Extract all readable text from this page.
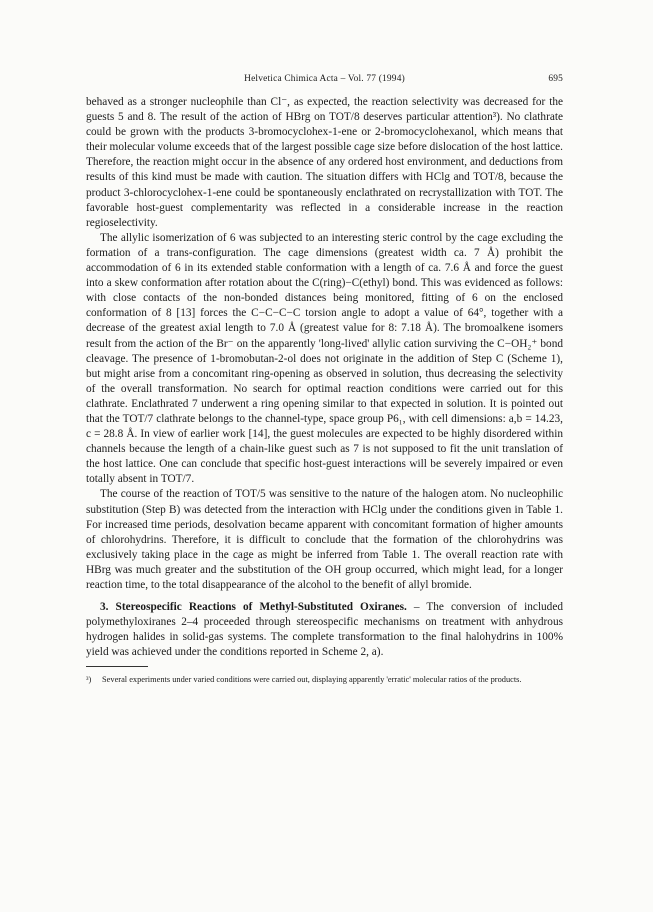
Helvetica Chimica Acta – Vol. 77 (1994)	695

behaved as a stronger nucleophile than Cl⁻, as expected, the reaction selectivity was decreased for the guests 5 and 8. The result of the action of HBrg on TOT/8 deserves particular attention³). No clathrate could be grown with the products 3-bromocyclohex-1-ene or 2-bromocyclohexanol, which means that their molecular volume exceeds that of the largest possible cage size before dislocation of the host lattice. Therefore, the reaction might occur in the absence of any ordered host environment, and deductions from results of this kind must be made with caution. The situation differs with HClg and TOT/8, because the product 3-chlorocyclohex-1-ene could be spontaneously enclathrated on recrystallization with TOT. The favorable host-guest complementarity was reflected in a considerable increase in the reaction regioselectivity.

The allylic isomerization of 6 was subjected to an interesting steric control by the cage excluding the formation of a trans-configuration. The cage dimensions (greatest width ca. 7 Å) prohibit the accommodation of 6 in its extended stable conformation with a length of ca. 7.6 Å and force the guest into a skew conformation after rotation about the C(ring)−C(ethyl) bond. This was evidenced as follows: with close contacts of the non-bonded distances being monitored, fitting of 6 on the enclosed conformation of 8 [13] forces the C−C−C−C torsion angle to adopt a value of 64°, together with a decrease of the greatest axial length to 7.0 Å (greatest value for 8: 7.18 Å). The bromoalkene isomers result from the action of the Br⁻ on the apparently 'long-lived' allylic cation surviving the C−OH₂⁺ bond cleavage. The presence of 1-bromobutan-2-ol does not originate in the addition of Step C (Scheme 1), but might arise from a concomitant ring-opening as observed in solution, thus decreasing the selectivity of the overall transformation. No search for optimal reaction conditions were carried out for this clathrate. Enclathrated 7 underwent a ring opening similar to that expected in solution. It is pointed out that the TOT/7 clathrate belongs to the channel-type, space group P6₁, with cell dimensions: a,b = 14.23, c = 28.8 Å. In view of earlier work [14], the guest molecules are expected to be highly disordered within channels because the length of a chain-like guest such as 7 is not supposed to fit the unit translation of the host lattice. One can conclude that specific host-guest interactions will be severely impaired or even totally absent in TOT/7.

The course of the reaction of TOT/5 was sensitive to the nature of the halogen atom. No nucleophilic substitution (Step B) was detected from the interaction with HClg under the conditions given in Table 1. For increased time periods, desolvation became apparent with concomitant formation of higher amounts of chlorohydrins. Therefore, it is difficult to conclude that the formation of the chlorohydrins was exclusively taking place in the cage as might be inferred from Table 1. The overall reaction rate with HBrg was much greater and the substitution of the OH group occurred, which might lead, for a longer reaction time, to the total disappearance of the alcohol to the benefit of allyl bromide.

3. Stereospecific Reactions of Methyl-Substituted Oxiranes. – The conversion of included polymethyloxiranes 2–4 proceeded through stereospecific mechanisms on treatment with anhydrous hydrogen halides in solid-gas systems. The complete transformation to the final halohydrins in 100% yield was achieved under the conditions reported in Scheme 2, a).

³) Several experiments under varied conditions were carried out, displaying apparently 'erratic' molecular ratios of the products.
